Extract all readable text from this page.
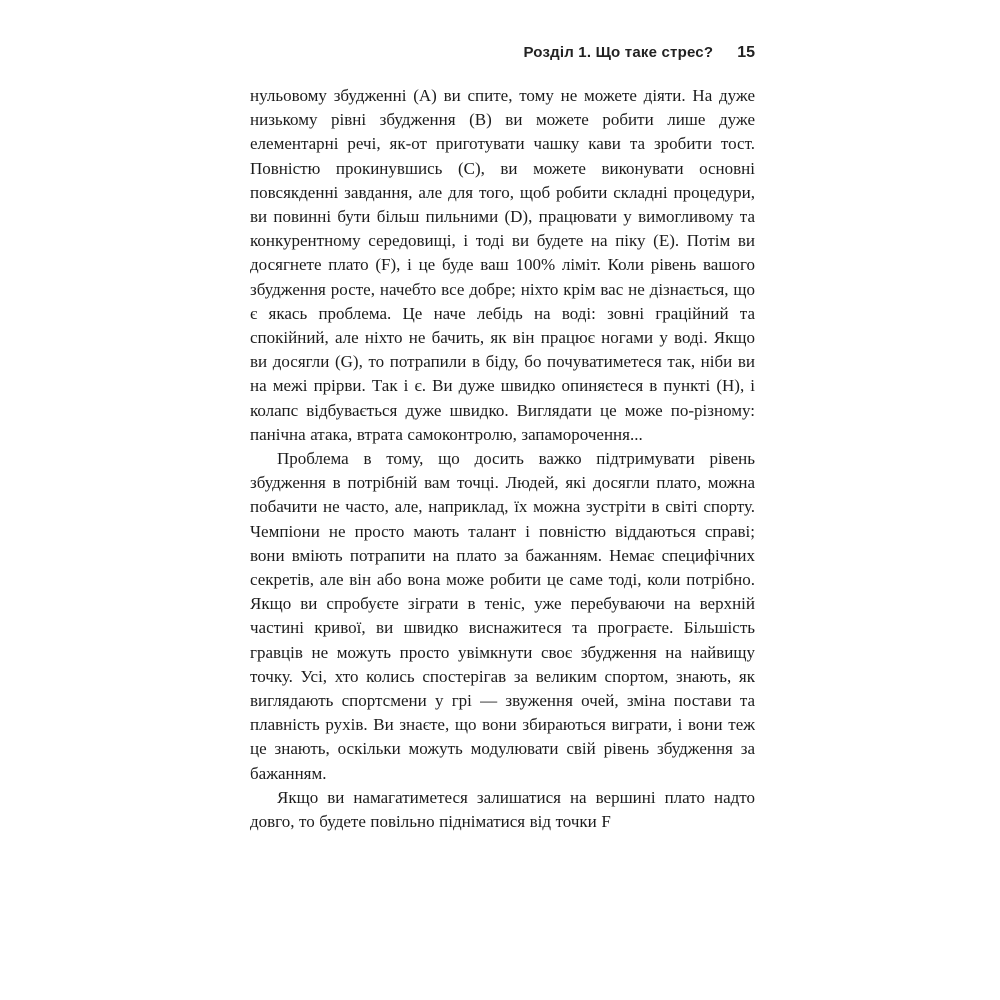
Розділ 1. Що таке стрес? 15

нульовому збудженні (A) ви спите, тому не можете діяти. На дуже низькому рівні збудження (B) ви можете робити лише дуже елементарні речі, як-от приготувати чашку кави та зробити тост. Повністю прокинувшись (C), ви можете виконувати основні повсякденні завдання, але для того, щоб робити складні процедури, ви повинні бути більш пильними (D), працювати у вимогливому та конкурентному середовищі, і тоді ви будете на піку (E). Потім ви досягнете плато (F), і це буде ваш 100% ліміт. Коли рівень вашого збудження росте, начебто все добре; ніхто крім вас не дізнається, що є якась проблема. Це наче лебідь на воді: зовні граційний та спокійний, але ніхто не бачить, як він працює ногами у воді. Якщо ви досягли (G), то потрапили в біду, бо почуватиметеся так, ніби ви на межі прірви. Так і є. Ви дуже швидко опиняєтеся в пункті (H), і колапс відбувається дуже швидко. Виглядати це може по-різному: панічна атака, втрата самоконтролю, запаморочення...

Проблема в тому, що досить важко підтримувати рівень збудження в потрібній вам точці. Людей, які досягли плато, можна побачити не часто, але, наприклад, їх можна зустріти в світі спорту. Чемпіони не просто мають талант і повністю віддаються справі; вони вміють потрапити на плато за бажанням. Немає специфічних секретів, але він або вона може робити це саме тоді, коли потрібно. Якщо ви спробуєте зіграти в теніс, уже перебуваючи на верхній частині кривої, ви швидко виснажитеся та програєте. Більшість гравців не можуть просто увімкнути своє збудження на найвищу точку. Усі, хто колись спостерігав за великим спортом, знають, як виглядають спортсмени у грі — звуження очей, зміна постави та плавність рухів. Ви знаєте, що вони збираються виграти, і вони теж це знають, оскільки можуть модулювати свій рівень збудження за бажанням.

Якщо ви намагатиметеся залишатися на вершині плато надто довго, то будете повільно підніматися від точки F
